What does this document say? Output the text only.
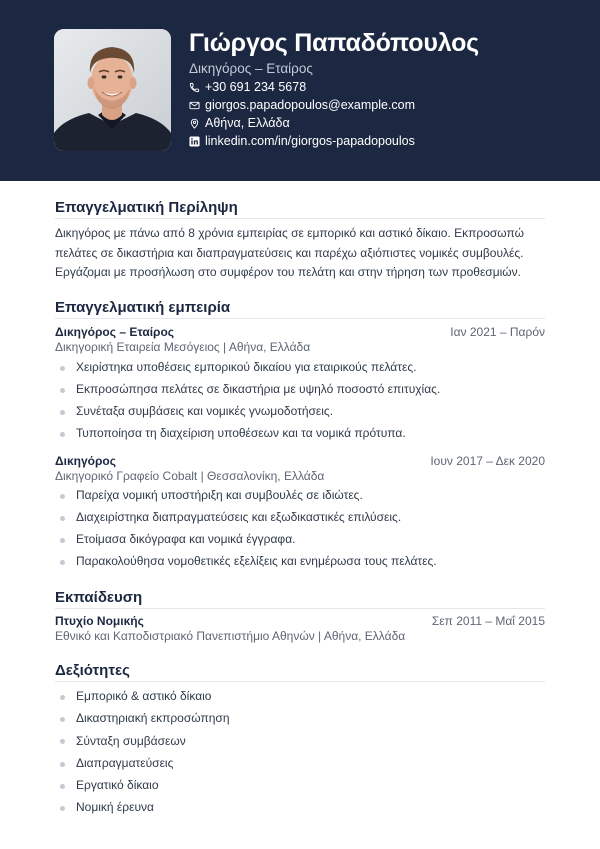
Γιώργος Παπαδόπουλος
Δικηγόρος – Εταίρος
+30 691 234 5678
giorgos.papadopoulos@example.com
Αθήνα, Ελλάδα
linkedin.com/in/giorgos-papadopoulos
Επαγγελματική Περίληψη
Δικηγόρος με πάνω από 8 χρόνια εμπειρίας σε εμπορικό και αστικό δίκαιο. Εκπροσωπώ πελάτες σε δικαστήρια και διαπραγματεύσεις και παρέχω αξιόπιστες νομικές συμβουλές. Εργάζομαι με προσήλωση στο συμφέρον του πελάτη και στην τήρηση των προθεσμιών.
Επαγγελματική εμπειρία
Δικηγόρος – Εταίρος	Ιαν 2021 – Παρόν
Δικηγορική Εταιρεία Μεσόγειος | Αθήνα, Ελλάδα
Χειρίστηκα υποθέσεις εμπορικού δικαίου για εταιρικούς πελάτες.
Εκπροσώπησα πελάτες σε δικαστήρια με υψηλό ποσοστό επιτυχίας.
Συνέταξα συμβάσεις και νομικές γνωμοδοτήσεις.
Τυποποίησα τη διαχείριση υποθέσεων και τα νομικά πρότυπα.
Δικηγόρος	Ιουν 2017 – Δεκ 2020
Δικηγορικό Γραφείο Cobalt | Θεσσαλονίκη, Ελλάδα
Παρείχα νομική υποστήριξη και συμβουλές σε ιδιώτες.
Διαχειρίστηκα διαπραγματεύσεις και εξωδικαστικές επιλύσεις.
Ετοίμασα δικόγραφα και νομικά έγγραφα.
Παρακολούθησα νομοθετικές εξελίξεις και ενημέρωσα τους πελάτες.
Εκπαίδευση
Πτυχίο Νομικής	Σεπ 2011 – Μαΐ 2015
Εθνικό και Καποδιστριακό Πανεπιστήμιο Αθηνών | Αθήνα, Ελλάδα
Δεξιότητες
Εμπορικό & αστικό δίκαιο
Δικαστηριακή εκπροσώπηση
Σύνταξη συμβάσεων
Διαπραγματεύσεις
Εργατικό δίκαιο
Νομική έρευνα
